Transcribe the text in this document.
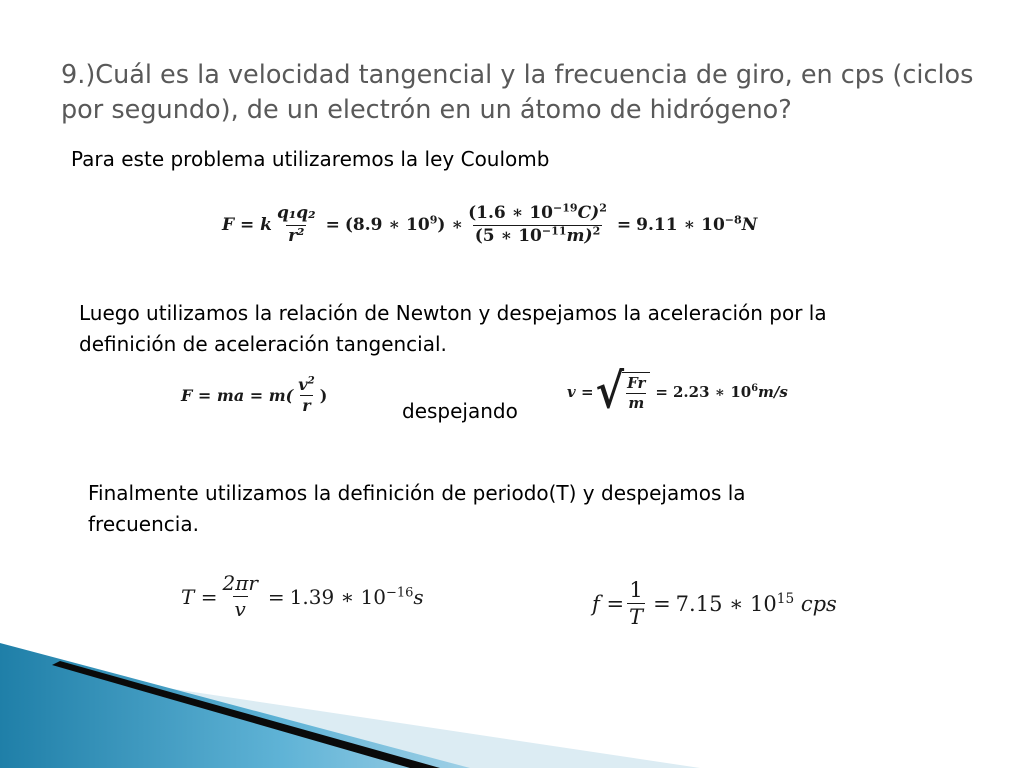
9.)Cuál es la velocidad tangencial y la frecuencia de giro, en cps (ciclos por segundo), de un electrón en un átomo de hidrógeno?

Para este problema utilizaremos la ley Coulomb

F = k $\frac{\text{q₁q₂}}{\text{r²}} = (8.9$ ∗ $10^9$) ∗ $\frac{(1.6 ∗ 10^{-19}C)^2}{(5 ∗ 10^{-11}m)^2} = 9.11$ ∗ $10^{-8}N$

Luego utilizamos la relación de Newton y despejamos la aceleración por la definición de aceleración tangencial.

F = ma = $m( \frac{v^2}{r}$ )

despejando

v = √ $\frac{Fr}{m} = 2.23$ ∗ $10^6m/s$

Finalmente utilizamos la definición de periodo(T) y despejamos la frecuencia.

$T = \frac{2\pi r}{v} = 1.39$ ∗ $10^{-16}s$	$f = \frac{1}{T} = 7.15$ ∗ $10^{15}$ cps
